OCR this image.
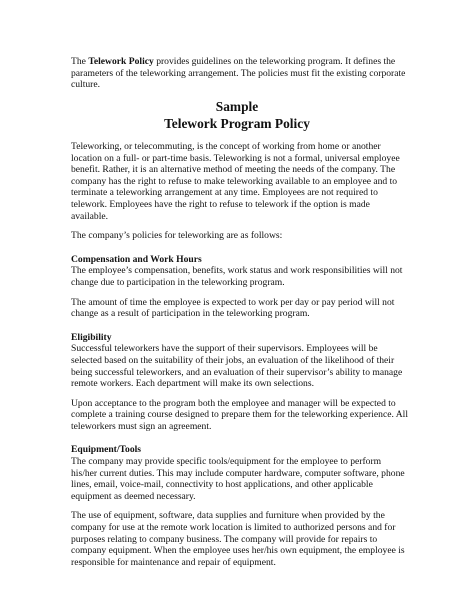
The Telework Policy provides guidelines on the teleworking program. It defines the parameters of the teleworking arrangement. The policies must fit the existing corporate culture.

Sample
Telework Program Policy

Teleworking, or telecommuting, is the concept of working from home or another location on a full- or part-time basis. Teleworking is not a formal, universal employee benefit. Rather, it is an alternative method of meeting the needs of the company. The company has the right to refuse to make teleworking available to an employee and to terminate a teleworking arrangement at any time. Employees are not required to telework. Employees have the right to refuse to telework if the option is made available.

The company’s policies for teleworking are as follows:

Compensation and Work Hours

The employee’s compensation, benefits, work status and work responsibilities will not change due to participation in the teleworking program.

The amount of time the employee is expected to work per day or pay period will not change as a result of participation in the teleworking program.

Eligibility

Successful teleworkers have the support of their supervisors. Employees will be selected based on the suitability of their jobs, an evaluation of the likelihood of their being successful teleworkers, and an evaluation of their supervisor’s ability to manage remote workers. Each department will make its own selections.

Upon acceptance to the program both the employee and manager will be expected to complete a training course designed to prepare them for the teleworking experience. All teleworkers must sign an agreement.

Equipment/Tools

The company may provide specific tools/equipment for the employee to perform his/her current duties. This may include computer hardware, computer software, phone lines, email, voice-mail, connectivity to host applications, and other applicable equipment as deemed necessary.

The use of equipment, software, data supplies and furniture when provided by the company for use at the remote work location is limited to authorized persons and for purposes relating to company business. The company will provide for repairs to company equipment. When the employee uses her/his own equipment, the employee is responsible for maintenance and repair of equipment.
